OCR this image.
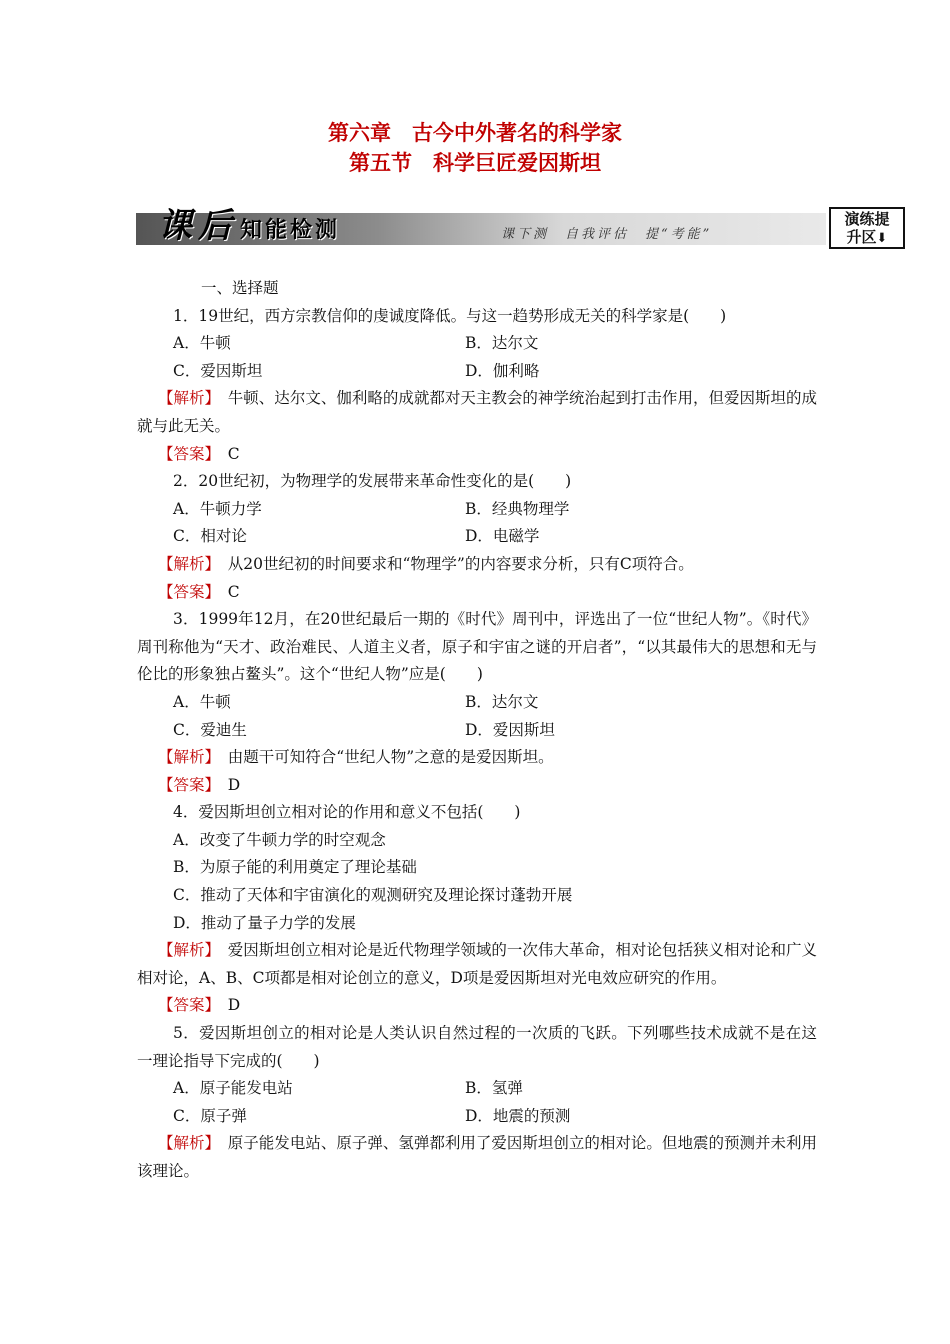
第六章　古今中外著名的科学家
第五节　科学巨匠爱因斯坦
课 后 知能检测	课下测　自我评估　提“考能”
演练提
升区⬇
一、选择题
1．19世纪，西方宗教信仰的虔诚度降低。与这一趋势形成无关的科学家是(　　)
A．牛顿	B．达尔文
C．爱因斯坦	D．伽利略
【解析】　 牛顿、达尔文、伽利略的成就都对天主教会的神学统治起到打击作用，但爱因斯坦的成就与此无关。
【答案】　 C
2．20世纪初，为物理学的发展带来革命性变化的是(　　)
A．牛顿力学	B．经典物理学
C．相对论	D．电磁学
【解析】　 从20世纪初的时间要求和“物理学”的内容要求分析，只有C项符合。
【答案】　 C
3．1999年12月，在20世纪最后一期的《时代》周刊中，评选出了一位“世纪人物”。《时代》周刊称他为“天才、政治难民、人道主义者，原子和宇宙之谜的开启者”，“以其最伟大的思想和无与伦比的形象独占鳌头”。这个“世纪人物”应是(　　)
A．牛顿	B．达尔文
C．爱迪生	D．爱因斯坦
【解析】　 由题干可知符合“世纪人物”之意的是爱因斯坦。
【答案】　 D
4．爱因斯坦创立相对论的作用和意义不包括(　　)
A．改变了牛顿力学的时空观念
B．为原子能的利用奠定了理论基础
C．推动了天体和宇宙演化的观测研究及理论探讨蓬勃开展
D．推动了量子力学的发展
【解析】　 爱因斯坦创立相对论是近代物理学领域的一次伟大革命，相对论包括狭义相对论和广义相对论，A、B、C项都是相对论创立的意义，D项是爱因斯坦对光电效应研究的作用。
【答案】　 D
5．爱因斯坦创立的相对论是人类认识自然过程的一次质的飞跃。下列哪些技术成就不是在这一理论指导下完成的(　　)
A．原子能发电站	B．氢弹
C．原子弹	D．地震的预测
【解析】　 原子能发电站、原子弹、氢弹都利用了爱因斯坦创立的相对论。但地震的预测并未利用该理论。
